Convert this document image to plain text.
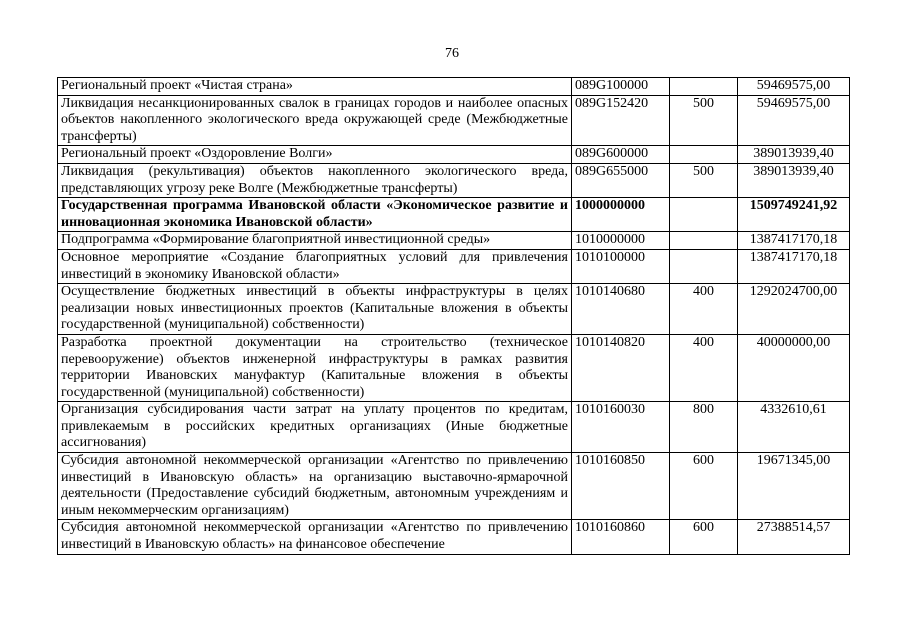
76
Региональный проект «Чистая страна»	089G100000		59469575,00
Ликвидация несанкционированных свалок в границах городов и наиболее опасных объектов накопленного экологического вреда окружающей среде (Межбюджетные трансферты)	089G152420	500	59469575,00
Региональный проект «Оздоровление Волги»	089G600000		389013939,40
Ликвидация (рекультивация) объектов накопленного экологического вреда, представляющих угрозу реке Волге (Межбюджетные трансферты)	089G655000	500	389013939,40
Государственная программа Ивановской области «Экономическое развитие и инновационная экономика Ивановской области»	1000000000		1509749241,92
Подпрограмма «Формирование благоприятной инвестиционной среды»	1010000000		1387417170,18
Основное мероприятие «Создание благоприятных условий для привлечения инвестиций в экономику Ивановской области»	1010100000		1387417170,18
Осуществление бюджетных инвестиций в объекты инфраструктуры в целях реализации новых инвестиционных проектов (Капитальные вложения в объекты государственной (муниципальной) собственности)	1010140680	400	1292024700,00
Разработка проектной документации на строительство (техническое перевооружение) объектов инженерной инфраструктуры в рамках развития территории Ивановских мануфактур (Капитальные вложения в объекты государственной (муниципальной) собственности)	1010140820	400	40000000,00
Организация субсидирования части затрат на уплату процентов по кредитам, привлекаемым в российских кредитных организациях (Иные бюджетные ассигнования)	1010160030	800	4332610,61
Субсидия автономной некоммерческой организации «Агентство по привлечению инвестиций в Ивановскую область» на организацию выставочно-ярмарочной деятельности (Предоставление субсидий бюджетным, автономным учреждениям и иным некоммерческим организациям)	1010160850	600	19671345,00
Субсидия автономной некоммерческой организации «Агентство по привлечению инвестиций в Ивановскую область» на финансовое обеспечение	1010160860	600	27388514,57
